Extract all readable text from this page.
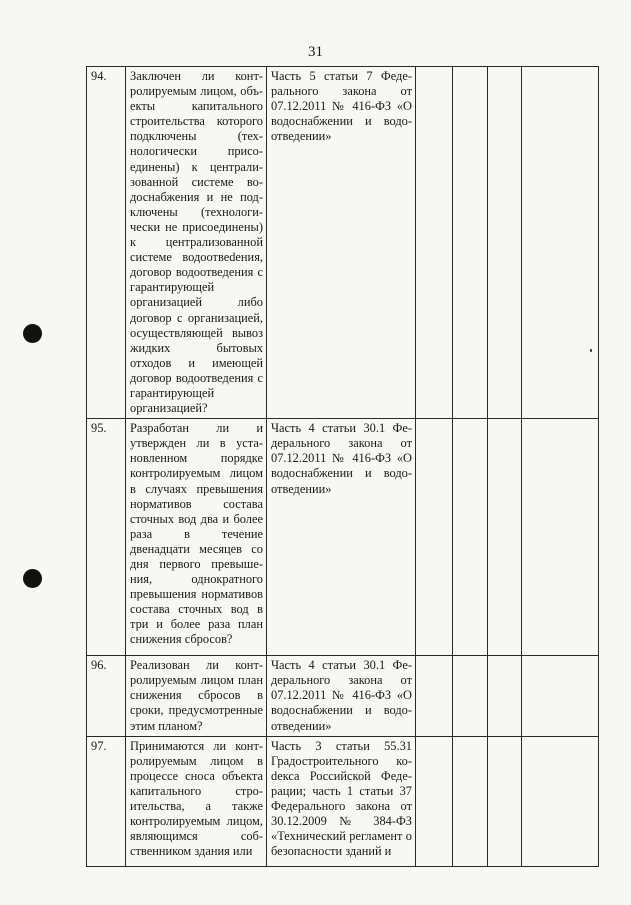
31
94.	Заключен ли контролируемым лицом, объекты капитального строительства которого подключены (технологически присоединены) к централизованной системе водоснабжения и не подключены (технологически не присоединены) к централизованной системе водоотвеdения, договор водоотведения с гарантирующей организацией либо договор с организацией, осуществляющей вывоз жидких бытовых отходов и имеющей договор водоотведения с гарантирующей организацией?	Часть 5 статьи 7 Федерального закона от 07.12.2011 № 416-ФЗ «О водоснабжении и водоотведении»				
95.	Разработан ли и утвержден ли в установленном порядке контролируемым лицом в случаях превышения нормативов состава сточных вод два и более раза в течение двенадцати месяцев со дня первого превышения, однократного превышения нормативов состава сточных вод в три и более раза план снижения сбросов?	Часть 4 статьи 30.1 Федерального закона от 07.12.2011 № 416-ФЗ «О водоснабжении и водоотведении»				
96.	Реализован ли контролируемым лицом план снижения сбросов в сроки, предусмотренные этим планом?	Часть 4 статьи 30.1 Федерального закона от 07.12.2011 № 416-ФЗ «О водоснабжении и водоотведении»				
97.	Принимаются ли контролируемым лицом в процессе сноса объекта капитального строительства, а также контролируемым лицом, являющимся собственником здания или	Часть 3 статьи 55.31 Градостроительного коdекса Российской Федерации; часть 1 статьи 37 Федерального закона от 30.12.2009 № 384-ФЗ «Технический регламент о безопасности зданий и				
